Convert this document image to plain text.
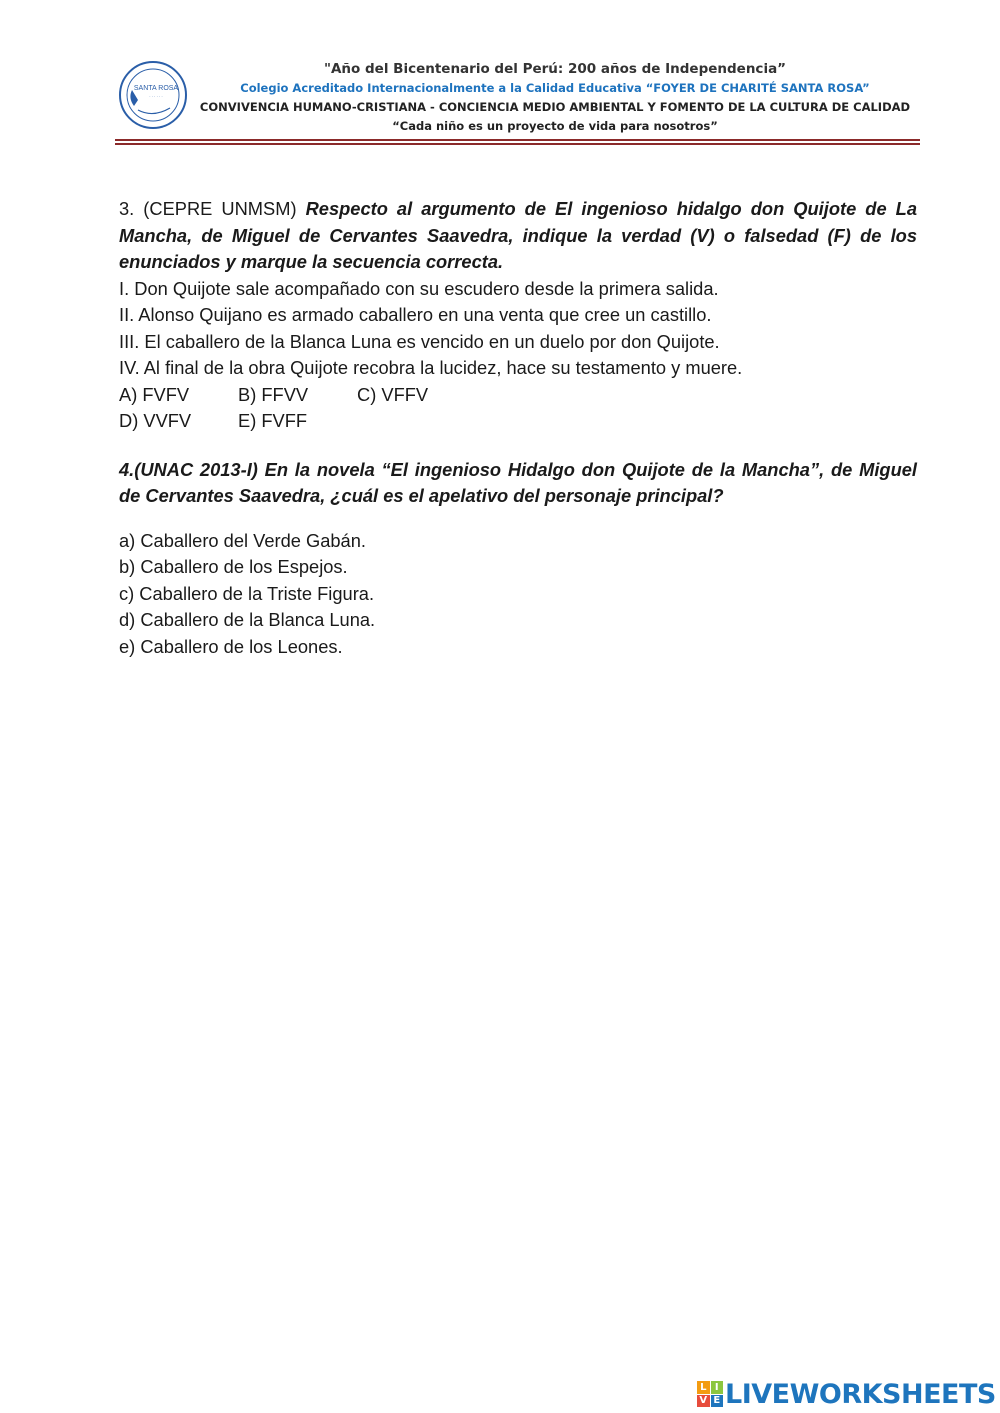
SANTA ROSA
· · · · · ·
"Año del Bicentenario del Perú: 200 años de Independencia”
Colegio Acreditado Internacionalmente a la Calidad Educativa “FOYER DE CHARITÉ SANTA ROSA”
CONVIVENCIA HUMANO-CRISTIANA - CONCIENCIA MEDIO AMBIENTAL Y FOMENTO DE LA CULTURA DE CALIDAD
“Cada niño es un proyecto de vida para nosotros”

3. (CEPRE UNMSM) Respecto al argumento de El ingenioso hidalgo don Quijote de La Mancha, de Miguel de Cervantes Saavedra, indique la verdad (V) o falsedad (F) de los enunciados y marque la secuencia correcta.

I. Don Quijote sale acompañado con su escudero desde la primera salida.

II. Alonso Quijano es armado caballero en una venta que cree un castillo.

III. El caballero de la Blanca Luna es vencido en un duelo por don Quijote.

IV. Al final de la obra Quijote recobra la lucidez, hace su testamento y muere.

A) FVFV	B) FFVV	C) VFFV

D) VVFV	E) FVFF

4.(UNAC 2013-I) En la novela “El ingenioso Hidalgo don Quijote de la Mancha”, de Miguel de Cervantes Saavedra, ¿cuál es el apelativo del personaje principal?

a) Caballero del Verde Gabán.

b) Caballero de los Espejos.

c) Caballero de la Triste Figura.

d) Caballero de la Blanca Luna.

e) Caballero de los Leones.

L I
V E LIVEWORKSHEETS
